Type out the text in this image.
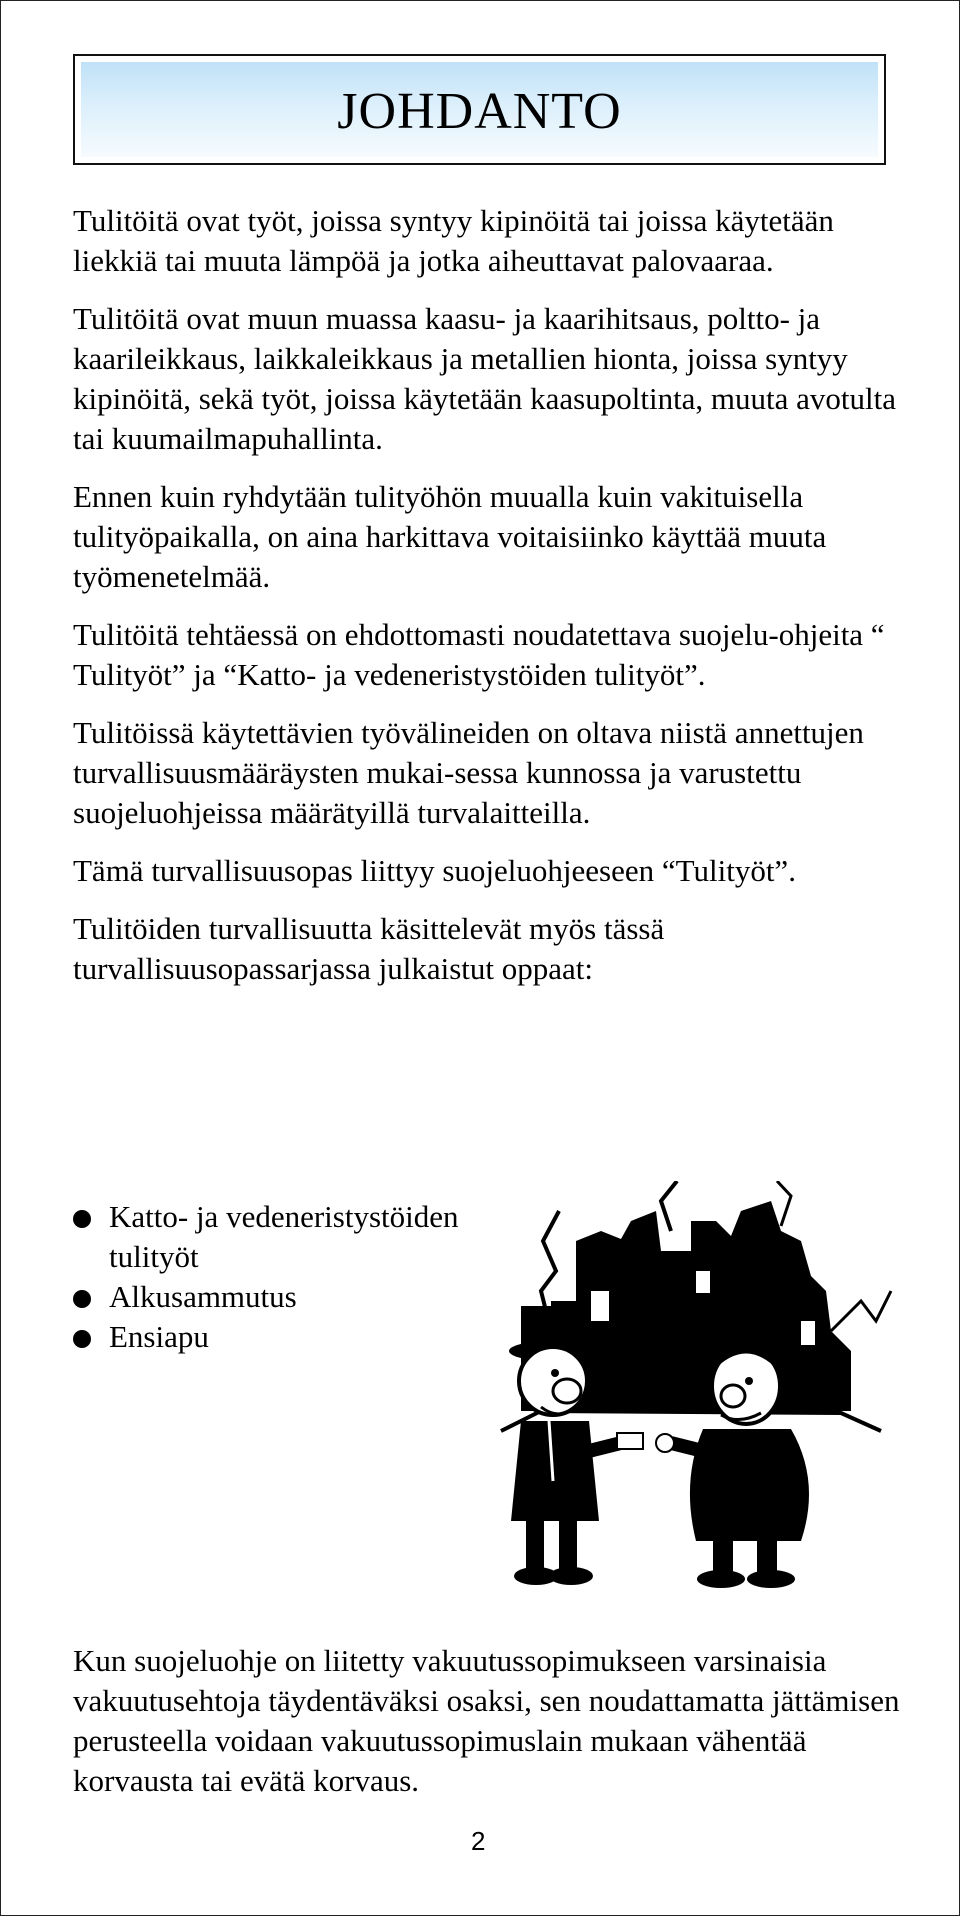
JOHDANTO

Tulitöitä ovat työt, joissa syntyy kipinöitä tai joissa käytetään liekkiä tai muuta lämpöä ja jotka aiheuttavat palovaaraa.

Tulitöitä ovat muun muassa kaasu- ja kaarihitsaus, poltto- ja kaarileikkaus, laikkaleikkaus ja metallien hionta, joissa syntyy kipinöitä, sekä työt, joissa käytetään kaasupoltinta, muuta avotulta tai kuumailmapuhallinta.

Ennen kuin ryhdytään tulityöhön muualla kuin vakituisella tulityöpaikalla, on aina harkittava voitaisiinko käyttää muuta työmenetelmää.

Tulitöitä tehtäessä on ehdottomasti noudatettava suojelu-ohjeita “ Tulityöt” ja “Katto- ja vedeneristystöiden tulityöt”.

Tulitöissä käytettävien työvälineiden on oltava niistä annettujen turvallisuusmääräysten mukai-sessa kunnossa ja varustettu suojeluohjeissa määrätyillä turvalaitteilla.

Tämä turvallisuusopas liittyy suojeluohjeeseen “Tulityöt”.

Tulitöiden turvallisuutta käsittelevät myös tässä turvallisuusopassarjassa julkaistut oppaat:

Katto- ja vedeneristystöiden tulityöt
Alkusammutus
Ensiapu

Kun suojeluohje on liitetty vakuutussopimukseen varsinaisia vakuutusehtoja täydentäväksi osaksi, sen noudattamatta jättämisen perusteella voidaan vakuutussopimuslain mukaan vähentää korvausta tai evätä korvaus.

2
